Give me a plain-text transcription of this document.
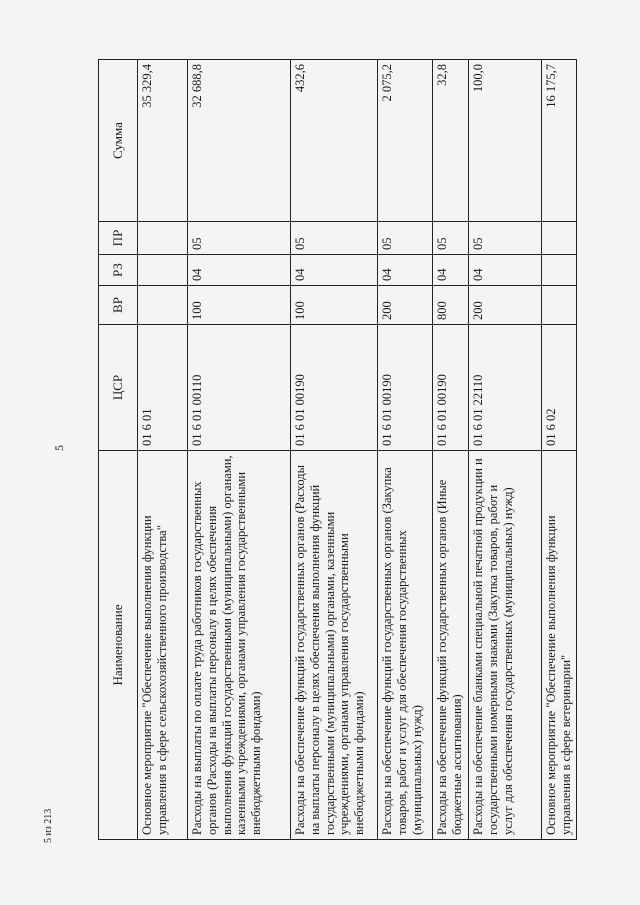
5
Наименование	ЦСР	ВР	РЗ	ПР	Сумма
Основное мероприятие "Обеспечение выполнения функции управления в сфере сельскохозяйственного производства"	01 6 01				35 329,4
Расходы на выплаты по оплате труда работников государственных органов (Расходы на выплаты персоналу в целях обеспечения выполнения функций государственными (муниципальными) органами, казенными учреждениями, органами управления государственными внебюджетными фондами)	01 6 01 00110	100	04	05	32 688,8
Расходы на обеспечение функций государственных органов (Расходы на выплаты персоналу в целях обеспечения выполнения функций государственными (муниципальными) органами, казенными учреждениями, органами управления государственными внебюджетными фондами)	01 6 01 00190	100	04	05	432,6
Расходы на обеспечение функций государственных органов (Закупка товаров, работ и услуг для обеспечения государственных (муниципальных) нужд)	01 6 01 00190	200	04	05	2 075,2
Расходы на обеспечение функций государственных органов (Иные бюджетные ассигнования)	01 6 01 00190	800	04	05	32,8
Расходы на обеспечение бланками специальной печатной продукции и государственными номерными знаками (Закупка товаров, работ и услуг для обеспечения государственных (муниципальных) нужд)	01 6 01 22110	200	04	05	100,0
Основное мероприятие "Обеспечение выполнения функции управления в сфере ветеринарии"	01 6 02				16 175,7
5 из 213
